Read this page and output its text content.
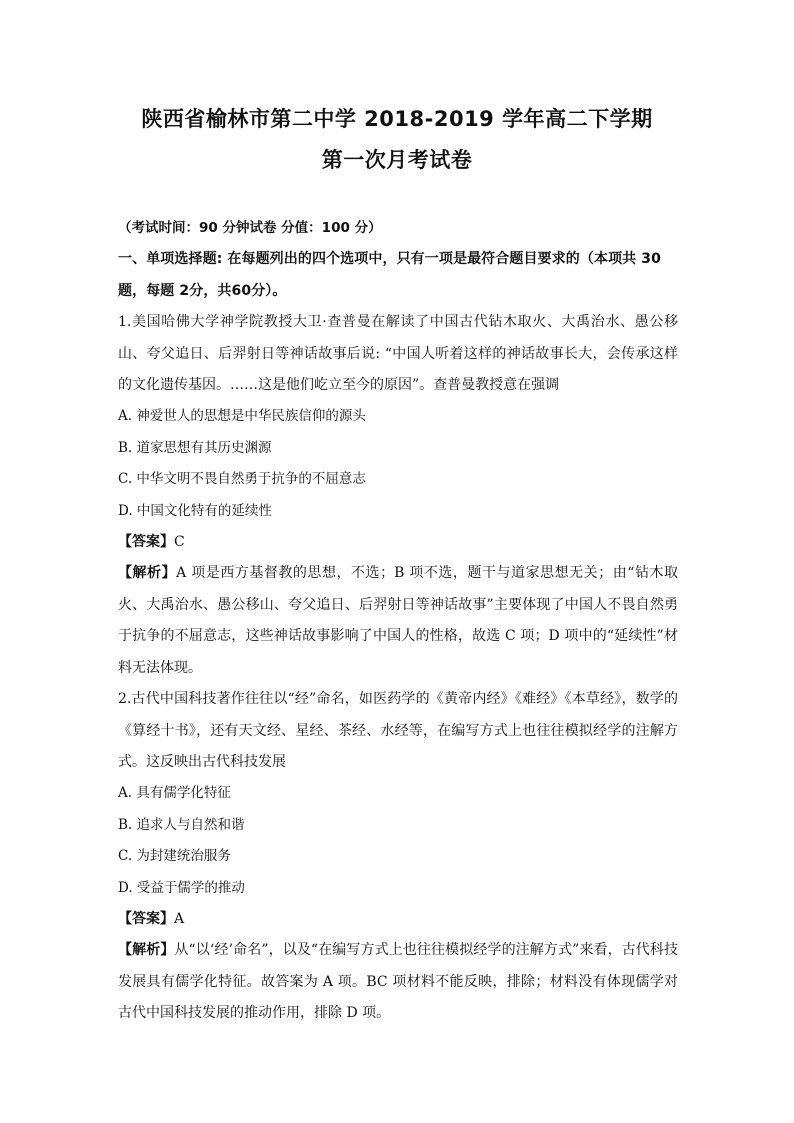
陕西省榆林市第二中学 2018-2019 学年高二下学期
第一次月考试卷

（考试时间：90 分钟试卷 分值：100 分）

一、单项选择题: 在每题列出的四个选项中，只有一项是最符合题目要求的（本项共 30 题，每题 2分，共60分）。

1.美国哈佛大学神学院教授大卫·查普曼在解读了中国古代钻木取火、大禹治水、愚公移山、夸父追日、后羿射日等神话故事后说: “中国人听着这样的神话故事长大，会传承这样的文化遗传基因。……这是他们屹立至今的原因”。查普曼教授意在强调

A. 神爱世人的思想是中华民族信仰的源头

B. 道家思想有其历史渊源

C. 中华文明不畏自然勇于抗争的不屈意志

D. 中国文化特有的延续性

【答案】C

【解析】A 项是西方基督教的思想，不选；B 项不选，题干与道家思想无关；由“钻木取火、大禹治水、愚公移山、夸父追日、后羿射日等神话故事”主要体现了中国人不畏自然勇于抗争的不屈意志，这些神话故事影响了中国人的性格，故选 C 项；D 项中的“延续性”材料无法体现。

2.古代中国科技著作往往以“经”命名，如医药学的《黄帝内经》《难经》《本草经》，数学的《算经十书》，还有天文经、星经、茶经、水经等，在编写方式上也往往模拟经学的注解方式。这反映出古代科技发展

A. 具有儒学化特征

B. 追求人与自然和谐

C. 为封建统治服务

D. 受益于儒学的推动

【答案】A

【解析】从“以‘经’命名”，以及“在编写方式上也往往模拟经学的注解方式”来看，古代科技发展具有儒学化特征。故答案为 A 项。BC 项材料不能反映，排除；材料没有体现儒学对古代中国科技发展的推动作用，排除 D 项。
